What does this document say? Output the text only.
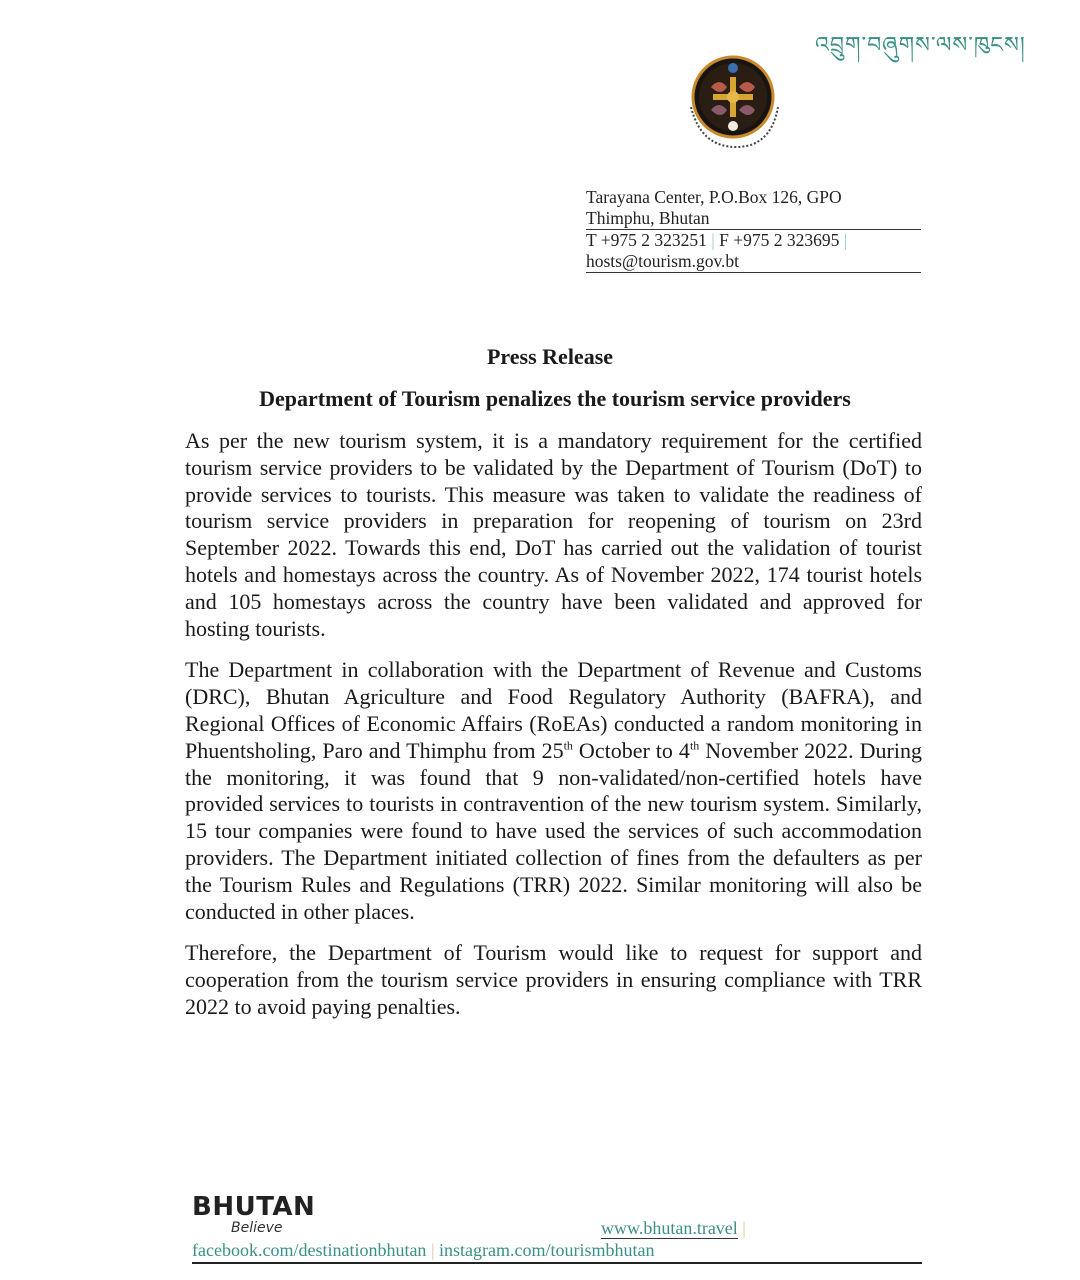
འབྲུག་བཞུགས་ལས་ཁུངས།
Tarayana Center, P.O.Box 126, GPO
Thimphu, Bhutan
T +975 2 323251 | F +975 2 323695 |
hosts@tourism.gov.bt
Press Release
Department of Tourism penalizes the tourism service providers

As per the new tourism system, it is a mandatory requirement for the certified tourism service providers to be validated by the Department of Tourism (DoT) to provide services to tourists. This measure was taken to validate the readiness of tourism service providers in preparation for reopening of tourism on 23rd September 2022. Towards this end, DoT has carried out the validation of tourist hotels and homestays across the country. As of November 2022, 174 tourist hotels and 105 homestays across the country have been validated and approved for hosting tourists.

The Department in collaboration with the Department of Revenue and Customs (DRC), Bhutan Agriculture and Food Regulatory Authority (BAFRA), and Regional Offices of Economic Affairs (RoEAs) conducted a random monitoring in Phuentsholing, Paro and Thimphu from 25th October to 4th November 2022. During the monitoring, it was found that 9 non-validated/non-certified hotels have provided services to tourists in contravention of the new tourism system. Similarly, 15 tour companies were found to have used the services of such accommodation providers. The Department initiated collection of fines from the defaulters as per the Tourism Rules and Regulations (TRR) 2022. Similar monitoring will also be conducted in other places.

Therefore, the Department of Tourism would like to request for support and cooperation from the tourism service providers in ensuring compliance with TRR 2022 to avoid paying penalties.

BHUTAN
Believe	www.bhutan.travel |
facebook.com/destinationbhutan | instagram.com/tourismbhutan
